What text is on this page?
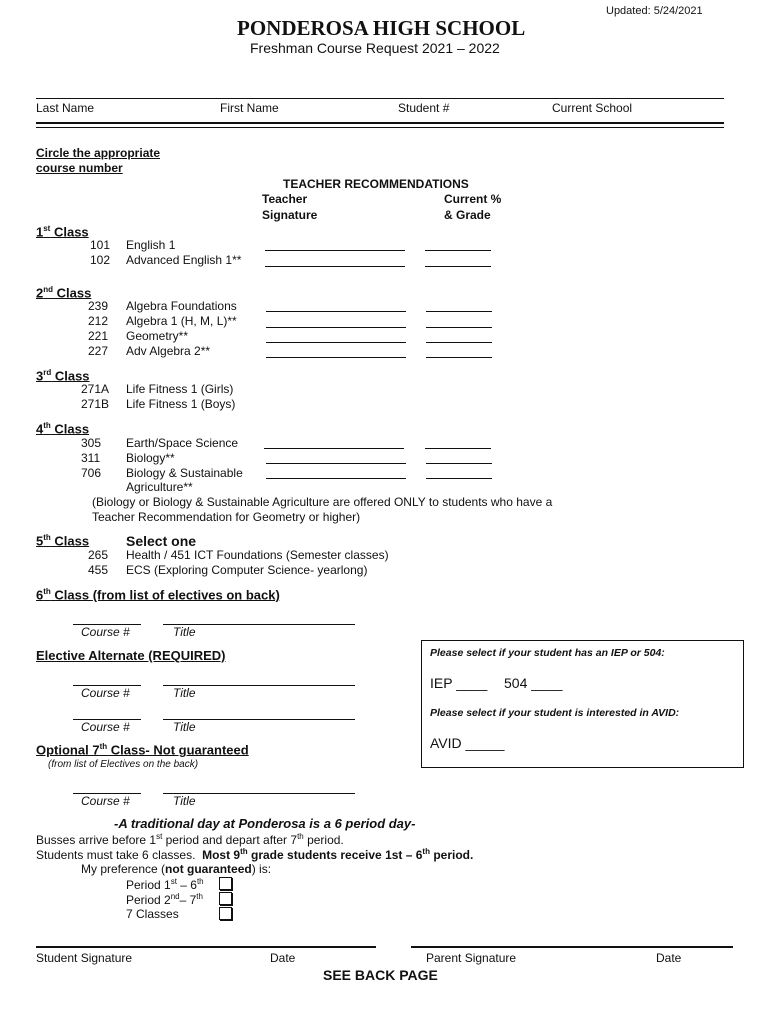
Updated: 5/24/2021
PONDEROSA HIGH SCHOOL
Freshman Course Request 2021 – 2022
Last Name	First Name	Student #	Current School
Circle the appropriate
course number
TEACHER RECOMMENDATIONS
Teacher
Signature
Current %
& Grade
1st Class
101 English 1
102 Advanced English 1**
2nd Class
239 Algebra Foundations
212 Algebra 1 (H, M, L)**
221 Geometry**
227 Adv Algebra 2**
3rd Class
271A Life Fitness 1 (Girls)
271B Life Fitness 1 (Boys)
4th Class
305 Earth/Space Science
311 Biology**
706 Biology & Sustainable
Agriculture**
(Biology or Biology & Sustainable Agriculture are offered ONLY to students who have a
Teacher Recommendation for Geometry or higher)
5th Class	Select one
265 Health / 451 ICT Foundations (Semester classes)
455 ECS (Exploring Computer Science- yearlong)
6th Class (from list of electives on back)
Course #	Title
Elective Alternate (REQUIRED)
Course #	Title
Course #	Title
Optional 7th Class- Not guaranteed
(from list of Electives on the back)
Course #	Title
Please select if your student has an IEP or 504:
IEP ____ 504 ____
Please select if your student is interested in AVID:
AVID _____
-A traditional day at Ponderosa is a 6 period day-
Busses arrive before 1st period and depart after 7th period.
Students must take 6 classes. Most 9th grade students receive 1st – 6th period.
My preference (not guaranteed) is:
Period 1st – 6th
Period 2nd– 7th
7 Classes
Student Signature	Date	Parent Signature	Date
SEE BACK PAGE
